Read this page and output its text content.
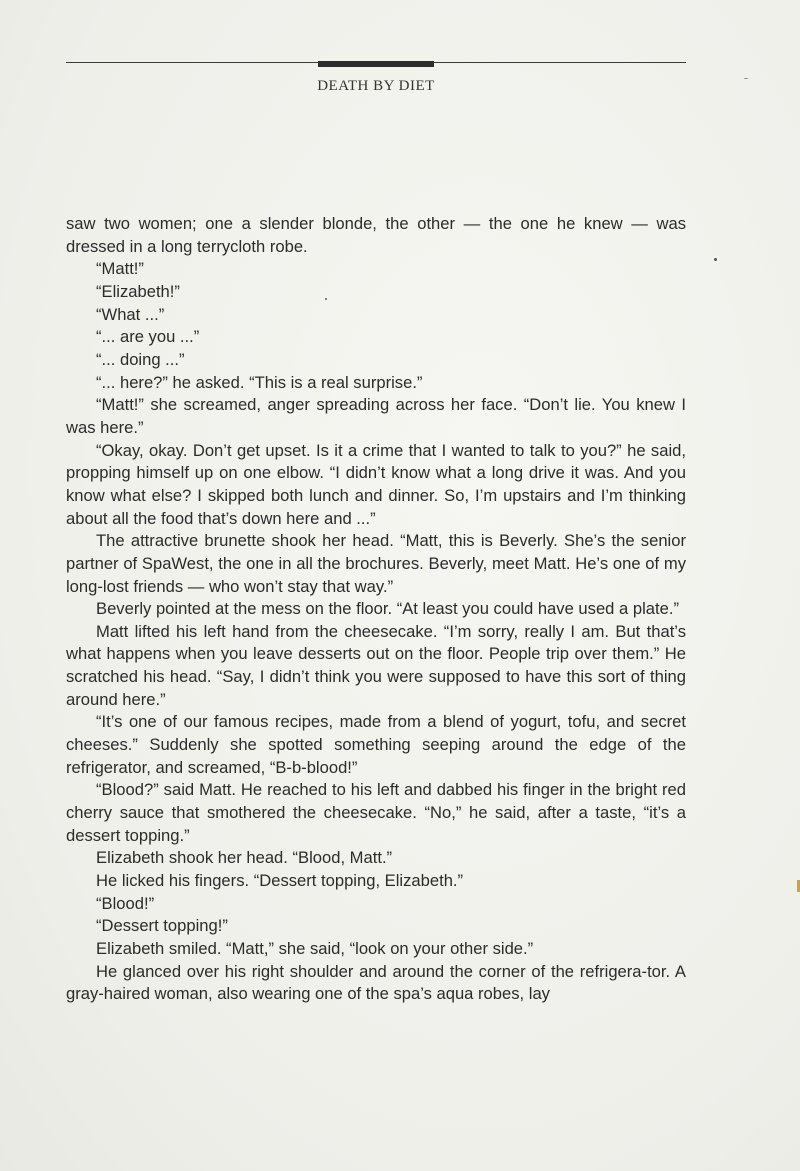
DEATH BY DIET

saw two women; one a slender blonde, the other — the one he knew — was dressed in a long terrycloth robe.

“Matt!”

“Elizabeth!”

“What ...”

“... are you ...”

“... doing ...”

“... here?” he asked. “This is a real surprise.”

“Matt!” she screamed, anger spreading across her face. “Don’t lie. You knew I was here.”

“Okay, okay. Don’t get upset. Is it a crime that I wanted to talk to you?” he said, propping himself up on one elbow. “I didn’t know what a long drive it was. And you know what else? I skipped both lunch and dinner. So, I’m upstairs and I’m thinking about all the food that’s down here and ...”

The attractive brunette shook her head. “Matt, this is Beverly. She’s the senior partner of SpaWest, the one in all the brochures. Beverly, meet Matt. He’s one of my long-lost friends — who won’t stay that way.”

Beverly pointed at the mess on the floor. “At least you could have used a plate.”

Matt lifted his left hand from the cheesecake. “I’m sorry, really I am. But that’s what happens when you leave desserts out on the floor. People trip over them.” He scratched his head. “Say, I didn’t think you were supposed to have this sort of thing around here.”

“It’s one of our famous recipes, made from a blend of yogurt, tofu, and secret cheeses.” Suddenly she spotted something seeping around the edge of the refrigerator, and screamed, “B-b-blood!”

“Blood?” said Matt. He reached to his left and dabbed his finger in the bright red cherry sauce that smothered the cheesecake. “No,” he said, after a taste, “it’s a dessert topping.”

Elizabeth shook her head. “Blood, Matt.”

He licked his fingers. “Dessert topping, Elizabeth.”

“Blood!”

“Dessert topping!”

Elizabeth smiled. “Matt,” she said, “look on your other side.”

He glanced over his right shoulder and around the corner of the refrigera-tor. A gray-haired woman, also wearing one of the spa’s aqua robes, lay
